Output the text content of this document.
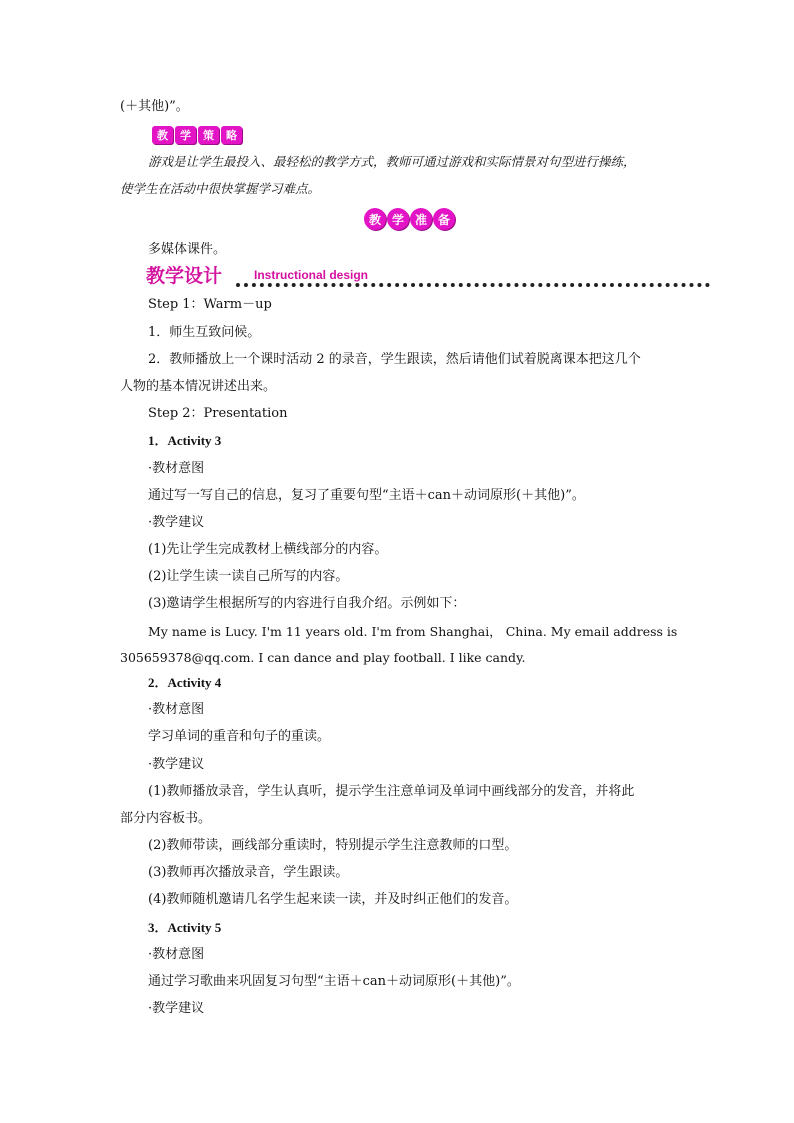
(＋其他)”。
教	学	策	略
游戏是让学生最投入、最轻松的教学方式，教师可通过游戏和实际情景对句型进行操练，
使学生在活动中很快掌握学习难点。
教 学 准 备
多媒体课件。
教学设计	Instructional design
Step 1：Warm－up
1．师生互致问候。
2．教师播放上一个课时活动 2 的录音，学生跟读，然后请他们试着脱离课本把这几个
人物的基本情况讲述出来。
Step 2：Presentation
1．Activity 3
·教材意图
通过写一写自己的信息，复习了重要句型“主语＋can＋动词原形(＋其他)”。
·教学建议
(1)先让学生完成教材上横线部分的内容。
(2)让学生读一读自己所写的内容。
(3)邀请学生根据所写的内容进行自我介绍。示例如下：
My name is Lucy. I'm 11 years old. I'm from Shanghai， China. My email address is
305659378@qq.com. I can dance and play football. I like candy.
2．Activity 4
·教材意图
学习单词的重音和句子的重读。
·教学建议
(1)教师播放录音，学生认真听，提示学生注意单词及单词中画线部分的发音，并将此
部分内容板书。
(2)教师带读，画线部分重读时，特别提示学生注意教师的口型。
(3)教师再次播放录音，学生跟读。
(4)教师随机邀请几名学生起来读一读，并及时纠正他们的发音。
3．Activity 5
·教材意图
通过学习歌曲来巩固复习句型“主语＋can＋动词原形(＋其他)”。
·教学建议
